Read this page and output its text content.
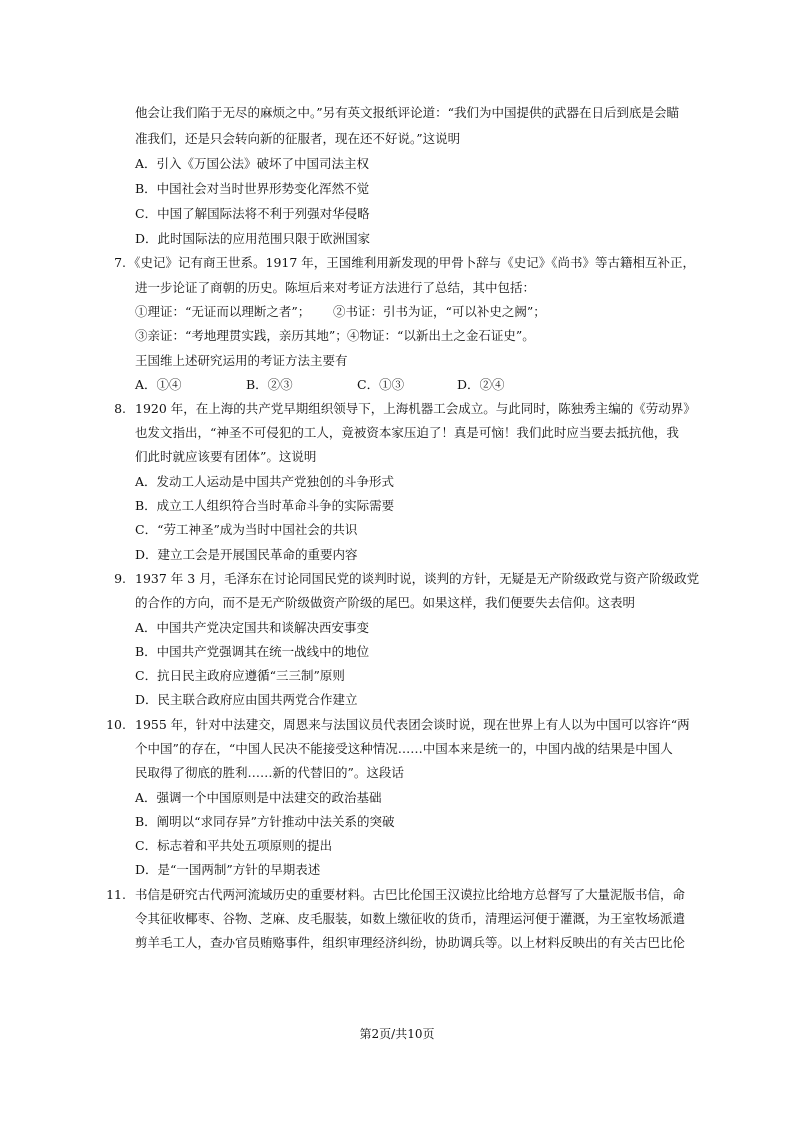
他会让我们陷于无尽的麻烦之中。”另有英文报纸评论道：“我们为中国提供的武器在日后到底是会瞄
准我们，还是只会转向新的征服者，现在还不好说。”这说明
A．引入《万国公法》破坏了中国司法主权
B．中国社会对当时世界形势变化浑然不觉
C．中国了解国际法将不利于列强对华侵略
D．此时国际法的应用范围只限于欧洲国家
7. 《史记》记有商王世系。1917 年，王国维利用新发现的甲骨卜辞与《史记》《尚书》等古籍相互补正，
进一步论证了商朝的历史。陈垣后来对考证方法进行了总结，其中包括：
①理证：“无证而以理断之者”； ②书证：引书为证，“可以补史之阙”；
③亲证：“考地理贯实践，亲历其地”； ④物证：“以新出土之金石证史”。
王国维上述研究运用的考证方法主要有
A．①④	B．②③	C．①③	D．②④
8. 1920 年，在上海的共产党早期组织领导下，上海机器工会成立。与此同时，陈独秀主编的《劳动界》
也发文指出，“神圣不可侵犯的工人，竟被资本家压迫了！真是可恼！我们此时应当要去抵抗他，我
们此时就应该要有团体”。这说明
A．发动工人运动是中国共产党独创的斗争形式
B．成立工人组织符合当时革命斗争的实际需要
C．“劳工神圣”成为当时中国社会的共识
D．建立工会是开展国民革命的重要内容
9. 1937 年 3 月，毛泽东在讨论同国民党的谈判时说，谈判的方针，无疑是无产阶级政党与资产阶级政党
的合作的方向，而不是无产阶级做资产阶级的尾巴。如果这样，我们便要失去信仰。这表明
A．中国共产党决定国共和谈解决西安事变
B．中国共产党强调其在统一战线中的地位
C．抗日民主政府应遵循“三三制”原则
D．民主联合政府应由国共两党合作建立
10. 1955 年，针对中法建交，周恩来与法国议员代表团会谈时说，现在世界上有人以为中国可以容许“两
个中国”的存在，“中国人民决不能接受这种情况……中国本来是统一的，中国内战的结果是中国人
民取得了彻底的胜利……新的代替旧的”。这段话
A．强调一个中国原则是中法建交的政治基础
B．阐明以“求同存异”方针推动中法关系的突破
C．标志着和平共处五项原则的提出
D．是“一国两制”方针的早期表述
11. 书信是研究古代两河流域历史的重要材料。古巴比伦国王汉谟拉比给地方总督写了大量泥版书信，命
令其征收椰枣、谷物、芝麻、皮毛服装，如数上缴征收的货币，清理运河便于灌溉，为王室牧场派遣
剪羊毛工人，查办官员贿赂事件，组织审理经济纠纷，协助调兵等。以上材料反映出的有关古巴比伦
第2页/共10页
